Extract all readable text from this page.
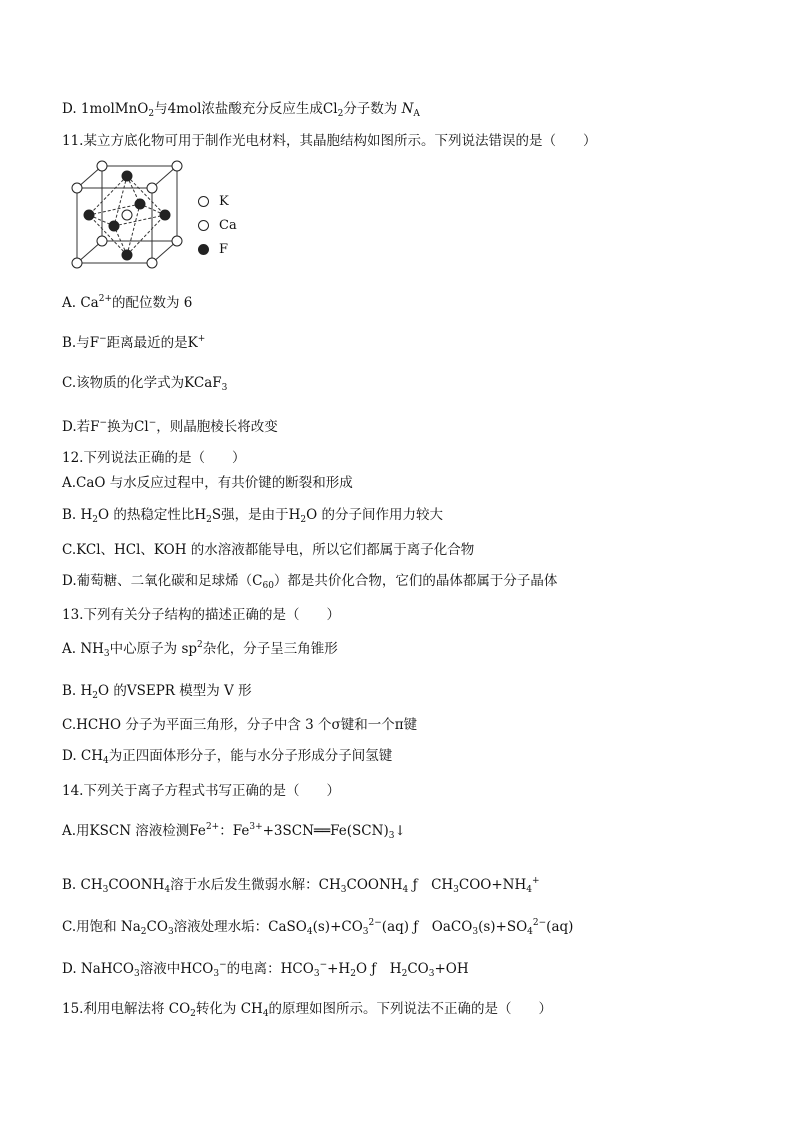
D. 1molMnO$_2$与4mol浓盐酸充分反应生成$Cl_2$分子数为 $N_A$
11.某立方底化物可用于制作光电材料，其晶胞结构如图所示。下列说法错误的是（　　）
K
Ca
F
A. $Ca^{2+}$的配位数为 6
B.与F−距离最近的是K+
C.该物质的化学式为KCaF$_3$
D.若F−换为Cl−，则晶胞棱长将改变
12.下列说法正确的是（　　）
A.CaO 与水反应过程中，有共价键的断裂和形成
B. $H_2O$ 的热稳定性比$H_2S$强，是由于$H_2O$ 的分子间作用力较大
C.KCl、HCl、KOH 的水溶液都能导电，所以它们都属于离子化合物
D.葡萄糖、二氧化碳和足球烯$(C_{60})$都是共价化合物，它们的晶体都属于分子晶体
13.下列有关分子结构的描述正确的是（　　）
A. $NH_3$中心原子为 $sp^2$杂化，分子呈三角锥形
B. $H_2O$ 的VSEPR 模型为 V 形
C.HCHO 分子为平面三角形，分子中含 3 个σ键和一个π键
D. $CH_4$为正四面体形分子，能与水分子形成分子间氢键
14.下列关于离子方程式书写正确的是（　　）
A.用KSCN 溶液检测$Fe^{2+}$：$Fe^{3+}+3SCN══Fe(SCN)_3↓$
B. $CH_3COONH_4$溶于水后发生微弱水解：$CH_3COONH_4$ ƒ　$CH_3COO+NH_4^+$
C.用饱和 $Na_2CO_3$溶液处理水垢：$CaSO_4(s)+CO_3^{2-}(aq)$ ƒ　$OaCO_3(s)+SO_4^{2-}(aq)$
D. NaHCO$_3$溶液中$HCO_3^-$的电离：$HCO_3^-+H_2O$ ƒ　$H_2CO_3+OH$
15.利用电解法将 $CO_2$转化为 $CH_4$的原理如图所示。下列说法不正确的是（　　）
